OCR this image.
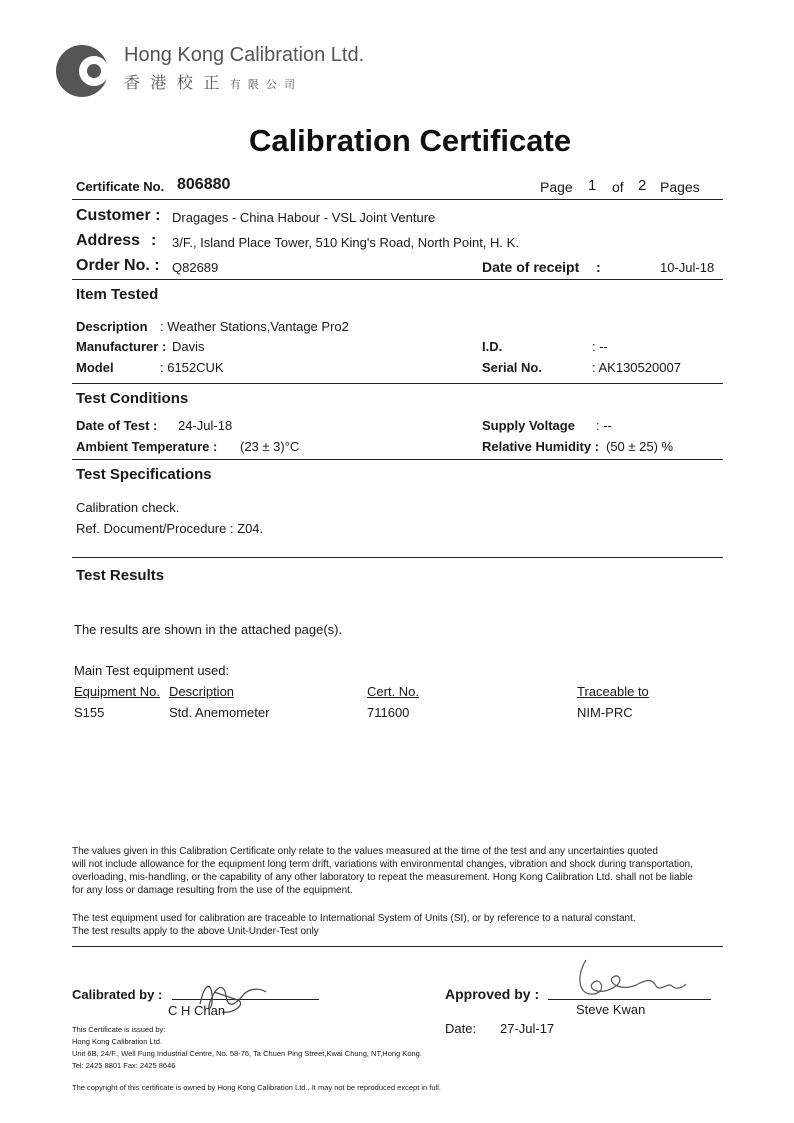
Hong Kong Calibration Ltd.
香 港 校 正 有 限 公 司
Calibration Certificate
Certificate No. 806880	Page 1 of 2 Pages
Customer : Dragages - China Habour - VSL Joint Venture
Address : 3/F., Island Place Tower, 510 King's Road, North Point, H. K.
Order No. : Q82689	Date of receipt :	10-Jul-18
Item Tested
Description : Weather Stations,Vantage Pro2
Manufacturer : Davis
Model	: 6152CUK
I.D.	: --
Serial No.	: AK130520007
Test Conditions
Date of Test : 24-Jul-18
Ambient Temperature : (23 ± 3)°C
Supply Voltage : --
Relative Humidity : (50 ± 25) %
Test Specifications
Calibration check.
Ref. Document/Procedure : Z04.
Test Results
The results are shown in the attached page(s).
Main Test equipment used:
Equipment No. Description	Cert. No.	Traceable to
S155	Std. Anemometer	711600	NIM-PRC
The values given in this Calibration Certificate only relate to the values measured at the time of the test and any uncertainties quoted
will not include allowance for the equipment long term drift, variations with environmental changes, vibration and shock during transportation,
overloading, mis-handling, or the capability of any other laboratory to repeat the measurement. Hong Kong Calibration Ltd. shall not be liable
for any loss or damage resulting from the use of the equipment.
The test equipment used for calibration are traceable to International System of Units (SI), or by reference to a natural constant.
The test results apply to the above Unit-Under-Test only
Calibrated by :
C H Chan
Approved by :
Steve Kwan
Date: 27-Jul-17
This Certificate is issued by:
Hong Kong Calibration Ltd.
Unit 6B, 24/F., Well Fung Industrial Centre, No. 58-76, Ta Chuen Ping Street,Kwai Chung, NT,Hong Kong.
Tel: 2425 8801 Fax: 2425 8646
The copyright of this certificate is owned by Hong Kong Calibration Ltd., It may not be reproduced except in full.
